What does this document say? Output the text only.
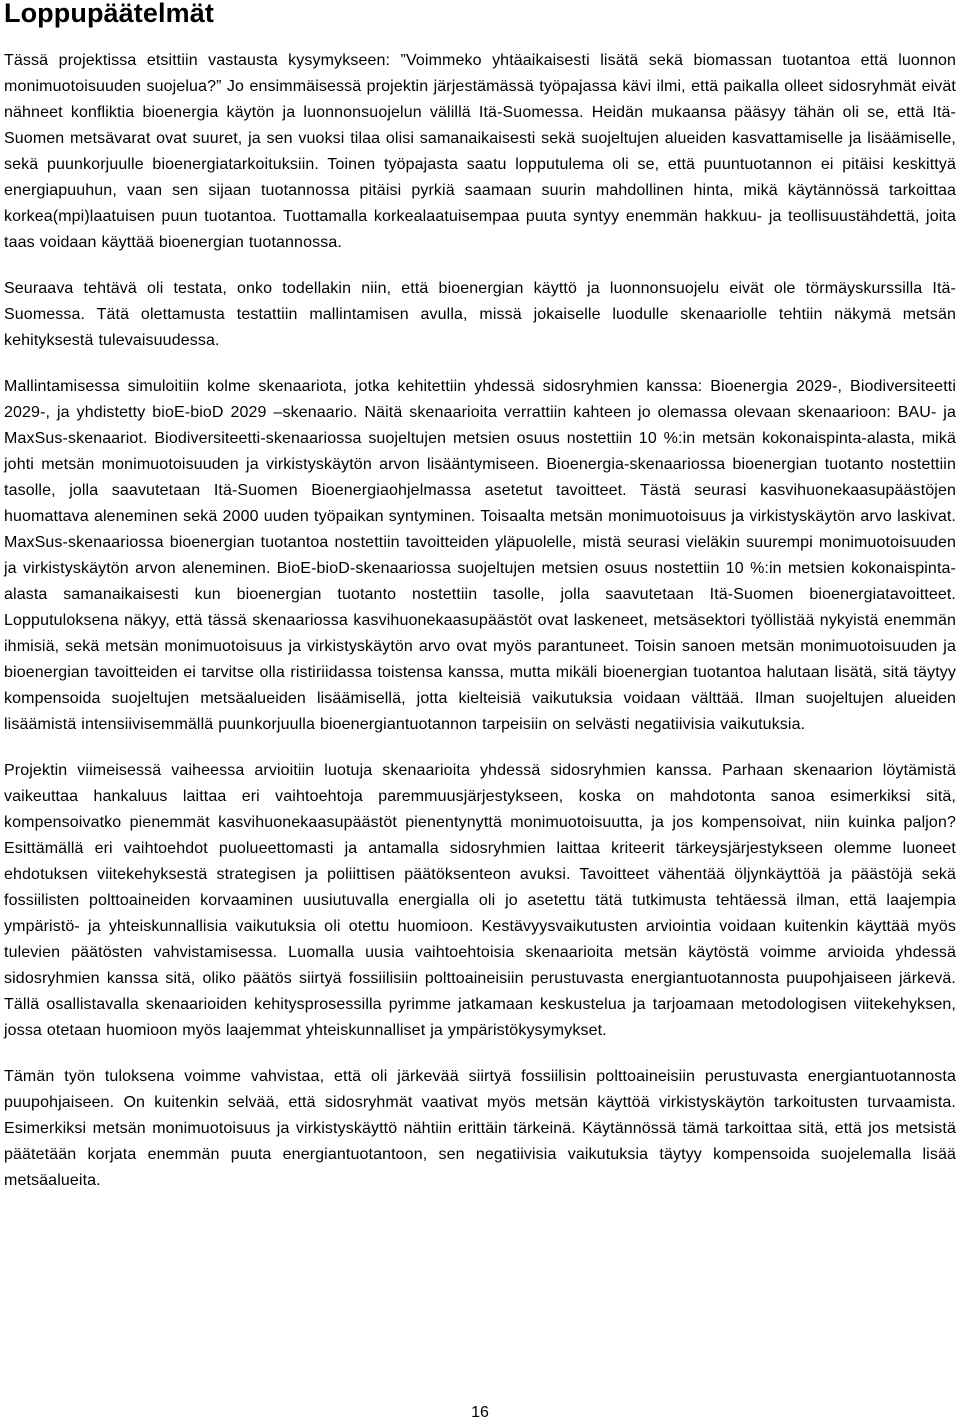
Loppupäätelmät

Tässä projektissa etsittiin vastausta kysymykseen: ”Voimmeko yhtäaikaisesti lisätä sekä biomassan tuotantoa että luonnon monimuotoisuuden suojelua?” Jo ensimmäisessä projektin järjestämässä työpajassa kävi ilmi, että paikalla olleet sidosryhmät eivät nähneet konfliktia bioenergia käytön ja luonnonsuojelun välillä Itä-Suomessa. Heidän mukaansa pääsyy tähän oli se, että Itä-Suomen metsävarat ovat suuret, ja sen vuoksi tilaa olisi samanaikaisesti sekä suojeltujen alueiden kasvattamiselle ja lisäämiselle, sekä puunkorjuulle bioenergiatarkoituksiin. Toinen työpajasta saatu lopputulema oli se, että puuntuotannon ei pitäisi keskittyä energiapuuhun, vaan sen sijaan tuotannossa pitäisi pyrkiä saamaan suurin mahdollinen hinta, mikä käytännössä tarkoittaa korkea(mpi)laatuisen puun tuotantoa. Tuottamalla korkealaatuisempaa puuta syntyy enemmän hakkuu- ja teollisuustähdettä, joita taas voidaan käyttää bioenergian tuotannossa.

Seuraava tehtävä oli testata, onko todellakin niin, että bioenergian käyttö ja luonnonsuojelu eivät ole törmäyskurssilla Itä-Suomessa. Tätä olettamusta testattiin mallintamisen avulla, missä jokaiselle luodulle skenaariolle tehtiin näkymä metsän kehityksestä tulevaisuudessa.

Mallintamisessa simuloitiin kolme skenaariota, jotka kehitettiin yhdessä sidosryhmien kanssa: Bioenergia 2029-, Biodiversiteetti 2029-, ja yhdistetty bioE-bioD 2029 –skenaario. Näitä skenaarioita verrattiin kahteen jo olemassa olevaan skenaarioon: BAU- ja MaxSus-skenaariot. Biodiversiteetti-skenaariossa suojeltujen metsien osuus nostettiin 10 %:in metsän kokonaispinta-alasta, mikä johti metsän monimuotoisuuden ja virkistyskäytön arvon lisääntymiseen. Bioenergia-skenaariossa bioenergian tuotanto nostettiin tasolle, jolla saavutetaan Itä-Suomen Bioenergiaohjelmassa asetetut tavoitteet. Tästä seurasi kasvihuonekaasupäästöjen huomattava aleneminen sekä 2000 uuden työpaikan syntyminen. Toisaalta metsän monimuotoisuus ja virkistyskäytön arvo laskivat. MaxSus-skenaariossa bioenergian tuotantoa nostettiin tavoitteiden yläpuolelle, mistä seurasi vieläkin suurempi monimuotoisuuden ja virkistyskäytön arvon aleneminen. BioE-bioD-skenaariossa suojeltujen metsien osuus nostettiin 10 %:in metsien kokonaispinta-alasta samanaikaisesti kun bioenergian tuotanto nostettiin tasolle, jolla saavutetaan Itä-Suomen bioenergiatavoitteet. Lopputuloksena näkyy, että tässä skenaariossa kasvihuonekaasupäästöt ovat laskeneet, metsäsektori työllistää nykyistä enemmän ihmisiä, sekä metsän monimuotoisuus ja virkistyskäytön arvo ovat myös parantuneet. Toisin sanoen metsän monimuotoisuuden ja bioenergian tavoitteiden ei tarvitse olla ristiriidassa toistensa kanssa, mutta mikäli bioenergian tuotantoa halutaan lisätä, sitä täytyy kompensoida suojeltujen metsäalueiden lisäämisellä, jotta kielteisiä vaikutuksia voidaan välttää. Ilman suojeltujen alueiden lisäämistä intensiivisemmällä puunkorjuulla bioenergiantuotannon tarpeisiin on selvästi negatiivisia vaikutuksia.

Projektin viimeisessä vaiheessa arvioitiin luotuja skenaarioita yhdessä sidosryhmien kanssa. Parhaan skenaarion löytämistä vaikeuttaa hankaluus laittaa eri vaihtoehtoja paremmuusjärjestykseen, koska on mahdotonta sanoa esimerkiksi sitä, kompensoivatko pienemmät kasvihuonekaasupäästöt pienentynyttä monimuotoisuutta, ja jos kompensoivat, niin kuinka paljon? Esittämällä eri vaihtoehdot puolueettomasti ja antamalla sidosryhmien laittaa kriteerit tärkeysjärjestykseen olemme luoneet ehdotuksen viitekehyksestä strategisen ja poliittisen päätöksenteon avuksi. Tavoitteet vähentää öljynkäyttöä ja päästöjä sekä fossiilisten polttoaineiden korvaaminen uusiutuvalla energialla oli jo asetettu tätä tutkimusta tehtäessä ilman, että laajempia ympäristö- ja yhteiskunnallisia vaikutuksia oli otettu huomioon. Kestävyysvaikutusten arviointia voidaan kuitenkin käyttää myös tulevien päätösten vahvistamisessa. Luomalla uusia vaihtoehtoisia skenaarioita metsän käytöstä voimme arvioida yhdessä sidosryhmien kanssa sitä, oliko päätös siirtyä fossiilisiin polttoaineisiin perustuvasta energiantuotannosta puupohjaiseen järkevä. Tällä osallistavalla skenaarioiden kehitysprosessilla pyrimme jatkamaan keskustelua ja tarjoamaan metodologisen viitekehyksen, jossa otetaan huomioon myös laajemmat yhteiskunnalliset ja ympäristökysymykset.

Tämän työn tuloksena voimme vahvistaa, että oli järkevää siirtyä fossiilisin polttoaineisiin perustuvasta energiantuotannosta puupohjaiseen. On kuitenkin selvää, että sidosryhmät vaativat myös metsän käyttöä virkistyskäytön tarkoitusten turvaamista. Esimerkiksi metsän monimuotoisuus ja virkistyskäyttö nähtiin erittäin tärkeinä. Käytännössä tämä tarkoittaa sitä, että jos metsistä päätetään korjata enemmän puuta energiantuotantoon, sen negatiivisia vaikutuksia täytyy kompensoida suojelemalla lisää metsäalueita.

16
